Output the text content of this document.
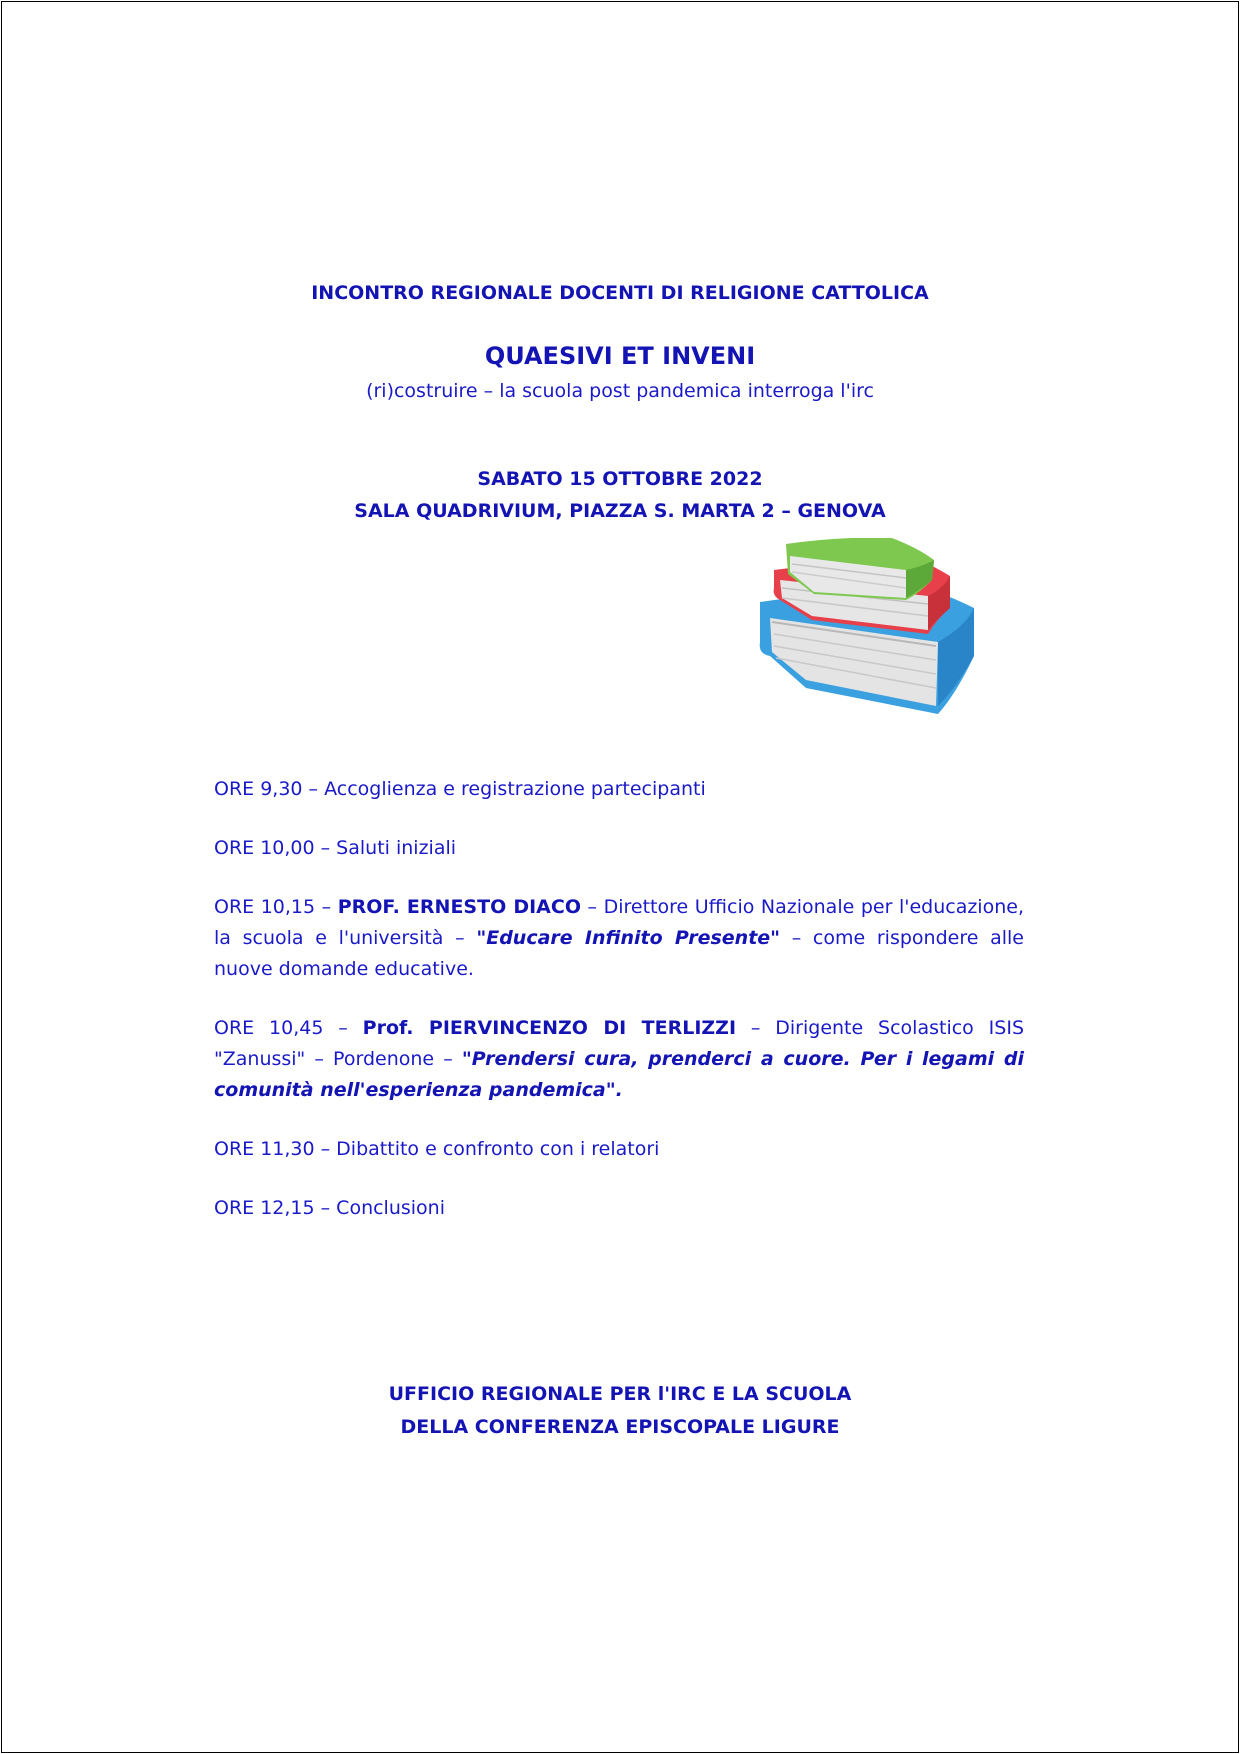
INCONTRO REGIONALE DOCENTI DI RELIGIONE CATTOLICA
QUAESIVI ET INVENI
(ri)costruire – la scuola post pandemica interroga l'irc
SABATO 15 OTTOBRE 2022
SALA QUADRIVIUM, PIAZZA S. MARTA 2 – GENOVA

ORE 9,30 – Accoglienza e registrazione partecipanti

ORE 10,00 – Saluti iniziali

ORE 10,15 – PROF. ERNESTO DIACO – Direttore Ufficio Nazionale per l'educazione, la scuola e l'università – "Educare Infinito Presente" – come rispondere alle nuove domande educative.

ORE 10,45 – Prof. PIERVINCENZO DI TERLIZZI – Dirigente Scolastico ISIS "Zanussi" – Pordenone – "Prendersi cura, prenderci a cuore. Per i legami di comunità nell'esperienza pandemica".

ORE 11,30 – Dibattito e confronto con i relatori

ORE 12,15 – Conclusioni

UFFICIO REGIONALE PER l'IRC E LA SCUOLA
DELLA CONFERENZA EPISCOPALE LIGURE
